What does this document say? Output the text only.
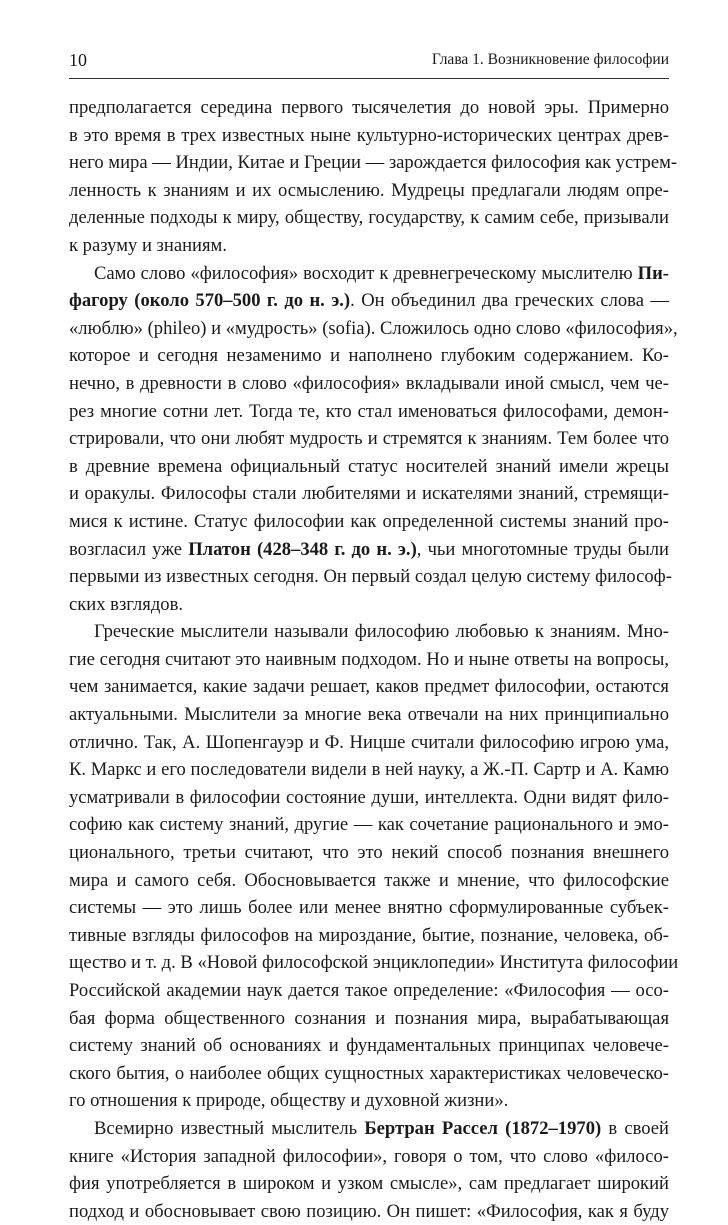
10	Глава 1. Возникновение философии
предполагается середина первого тысячелетия до новой эры. Примерно
в это время в трех известных ныне культурно-исторических центрах древ-
него мира — Индии, Китае и Греции — зарождается философия как устрем-
ленность к знаниям и их осмыслению. Мудрецы предлагали людям опре-
деленные подходы к миру, обществу, государству, к самим себе, призывали
к разуму и знаниям.
Само слово «философия» восходит к древнегреческому мыслителю Пи-
фагору (около 570–500 г. до н. э.). Он объединил два греческих слова —
«люблю» (phileo) и «мудрость» (sofia). Сложилось одно слово «философия»,
которое и сегодня незаменимо и наполнено глубоким содержанием. Ко-
нечно, в древности в слово «философия» вкладывали иной смысл, чем че-
рез многие сотни лет. Тогда те, кто стал именоваться философами, демон-
стрировали, что они любят мудрость и стремятся к знаниям. Тем более что
в древние времена официальный статус носителей знаний имели жрецы
и оракулы. Философы стали любителями и искателями знаний, стремящи-
мися к истине. Статус философии как определенной системы знаний про-
возгласил уже Платон (428–348 г. до н. э.), чьи многотомные труды были
первыми из известных сегодня. Он первый создал целую систему философ-
ских взглядов.
Греческие мыслители называли философию любовью к знаниям. Мно-
гие сегодня считают это наивным подходом. Но и ныне ответы на вопросы,
чем занимается, какие задачи решает, каков предмет философии, остаются
актуальными. Мыслители за многие века отвечали на них принципиально
отлично. Так, А. Шопенгауэр и Ф. Ницше считали философию игрою ума,
К. Маркс и его последователи видели в ней науку, а Ж.-П. Сартр и А. Камю
усматривали в философии состояние души, интеллекта. Одни видят фило-
софию как систему знаний, другие — как сочетание рационального и эмо-
ционального, третьи считают, что это некий способ познания внешнего
мира и самого себя. Обосновывается также и мнение, что философские
системы — это лишь более или менее внятно сформулированные субъек-
тивные взгляды философов на мироздание, бытие, познание, человека, об-
щество и т. д. В «Новой философской энциклопедии» Института философии
Российской академии наук дается такое определение: «Философия — осо-
бая форма общественного сознания и познания мира, вырабатывающая
систему знаний об основаниях и фундаментальных принципах человече-
ского бытия, о наиболее общих сущностных характеристиках человеческо-
го отношения к природе, обществу и духовной жизни».
Всемирно известный мыслитель Бертран Рассел (1872–1970) в своей
книге «История западной философии», говоря о том, что слово «филосо-
фия употребляется в широком и узком смысле», сам предлагает широкий
подход и обосновывает свою позицию. Он пишет: «Философия, как я буду
